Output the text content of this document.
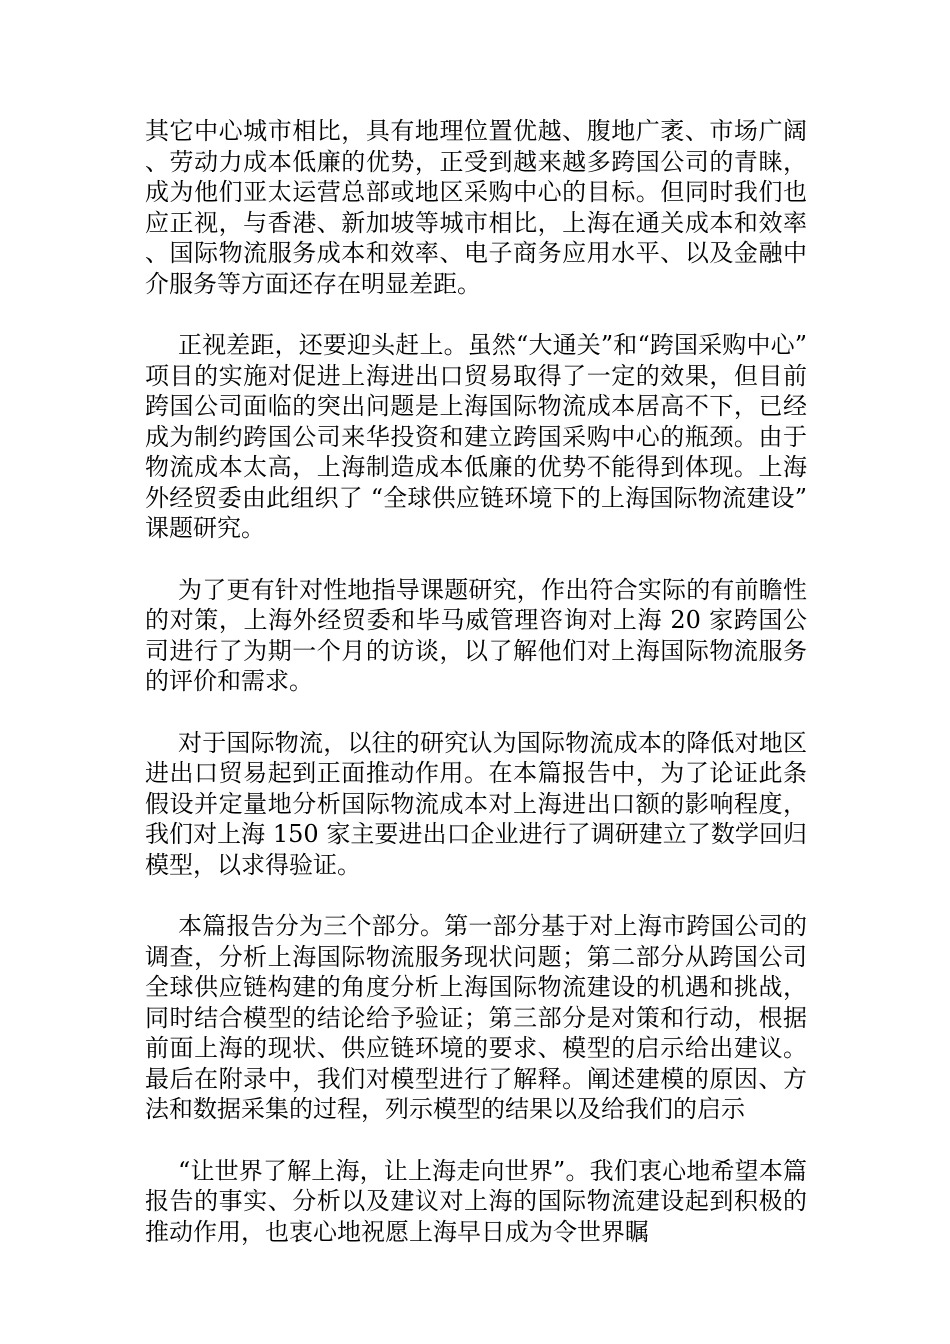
其它中心城市相比，具有地理位置优越、腹地广袤、市场广阔、劳动力成本低廉的优势，正受到越来越多跨国公司的青睐，成为他们亚太运营总部或地区采购中心的目标。但同时我们也应正视，与香港、新加坡等城市相比，上海在通关成本和效率、国际物流服务成本和效率、电子商务应用水平、以及金融中介服务等方面还存在明显差距。

正视差距，还要迎头赶上。虽然“大通关”和“跨国采购中心”项目的实施对促进上海进出口贸易取得了一定的效果，但目前跨国公司面临的突出问题是上海国际物流成本居高不下，已经成为制约跨国公司来华投资和建立跨国采购中心的瓶颈。由于物流成本太高，上海制造成本低廉的优势不能得到体现。上海外经贸委由此组织了 “全球供应链环境下的上海国际物流建设”课题研究。

为了更有针对性地指导课题研究，作出符合实际的有前瞻性的对策，上海外经贸委和毕马威管理咨询对上海 20 家跨国公司进行了为期一个月的访谈，以了解他们对上海国际物流服务的评价和需求。

对于国际物流，以往的研究认为国际物流成本的降低对地区进出口贸易起到正面推动作用。在本篇报告中，为了论证此条假设并定量地分析国际物流成本对上海进出口额的影响程度，我们对上海 150 家主要进出口企业进行了调研建立了数学回归模型，以求得验证。

本篇报告分为三个部分。第一部分基于对上海市跨国公司的调查，分析上海国际物流服务现状问题；第二部分从跨国公司全球供应链构建的角度分析上海国际物流建设的机遇和挑战，同时结合模型的结论给予验证；第三部分是对策和行动，根据前面上海的现状、供应链环境的要求、模型的启示给出建议。最后在附录中，我们对模型进行了解释。阐述建模的原因、方法和数据采集的过程，列示模型的结果以及给我们的启示

“让世界了解上海，让上海走向世界”。我们衷心地希望本篇报告的事实、分析以及建议对上海的国际物流建设起到积极的推动作用，也衷心地祝愿上海早日成为令世界瞩
